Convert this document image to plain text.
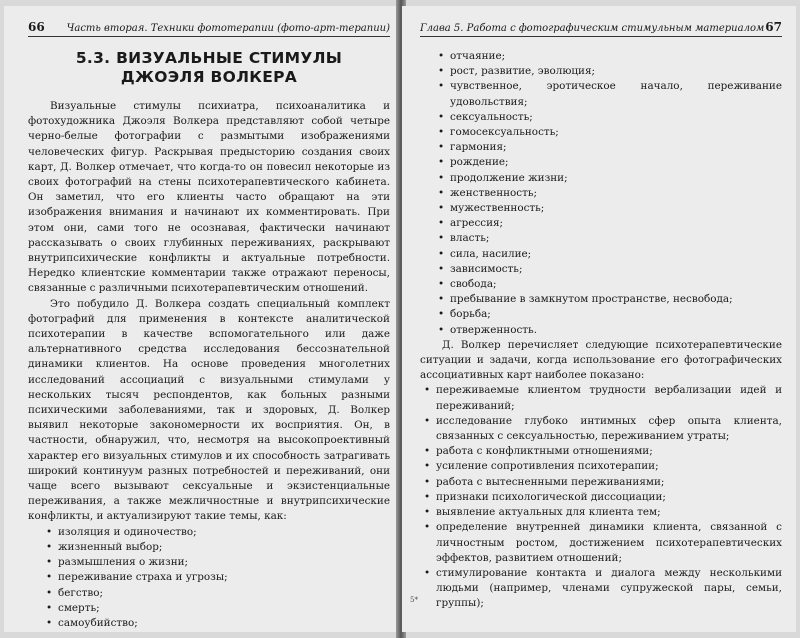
66 Часть вторая. Техники фототерапии (фото-арт-терапии)
5.3. ВИЗУАЛЬНЫЕ СТИМУЛЫ
ДЖОЭЛЯ ВОЛКЕРА

Визуальные стимулы психиатра, психоаналитика и фотохудожника Джоэля Волкера представляют собой четыре черно-белые фотографии с размытыми изображениями человеческих фигур. Раскрывая предысторию создания своих карт, Д. Волкер отмечает, что когда-то он повесил некоторые из своих фотографий на стены психотерапевтического кабинета. Он заметил, что его клиенты часто обращают на эти изображения внимания и начинают их комментировать. При этом они, сами того не осознавая, фактически начинают рассказывать о своих глубинных переживаниях, раскрывают внутрипсихические конфликты и актуальные потребности. Нередко клиентские комментарии также отражают переносы, связанные с различными психотерапевтическим отношений.

Это побудило Д. Волкера создать специальный комплект фотографий для применения в контексте аналитической психотерапии в качестве вспомогательного или даже альтернативного средства исследования бессознательной динамики клиентов. На основе проведения многолетних исследований ассоциаций с визуальными стимулами у нескольких тысяч респондентов, как больных разными психическими заболеваниями, так и здоровых, Д. Волкер выявил некоторые закономерности их восприятия. Он, в частности, обнаружил, что, несмотря на высокопроективный характер его визуальных стимулов и их способность затрагивать широкий континуум разных потребностей и переживаний, они чаще всего вызывают сексуальные и экзистенциальные переживания, а также межличностные и внутрипсихические конфликты, и актуализируют такие темы, как:

• изоляция и одиночество;
• жизненный выбор;
• размышления о жизни;
• переживание страха и угрозы;
• бегство;
• смерть;
• самоубийство;
Глава 5. Работа с фотографическим стимульным материалом 67
• отчаяние;
• рост, развитие, эволюция;
• чувственное, эротическое начало, переживание удовольствия;
• сексуальность;
• гомосексуальность;
• гармония;
• рождение;
• продолжение жизни;
• женственность;
• мужественность;
• агрессия;
• власть;
• сила, насилие;
• зависимость;
• свобода;
• пребывание в замкнутом пространстве, несвобода;
• борьба;
• отверженность.

Д. Волкер перечисляет следующие психотерапевтические ситуации и задачи, когда использование его фотографических ассоциативных карт наиболее показано:

• переживаемые клиентом трудности вербализации идей и переживаний;
• исследование глубоко интимных сфер опыта клиента, связанных с сексуальностью, переживанием утраты;
• работа с конфликтными отношениями;
• усиление сопротивления психотерапии;
• работа с вытесненными переживаниями;
• признаки психологической диссоциации;
• выявление актуальных для клиента тем;
• определение внутренней динамики клиента, связанной с личностным ростом, достижением психотерапевтических эффектов, развитием отношений;
• стимулирование контакта и диалога между несколькими людьми (например, членами супружеской пары, семьи, группы);
5*
